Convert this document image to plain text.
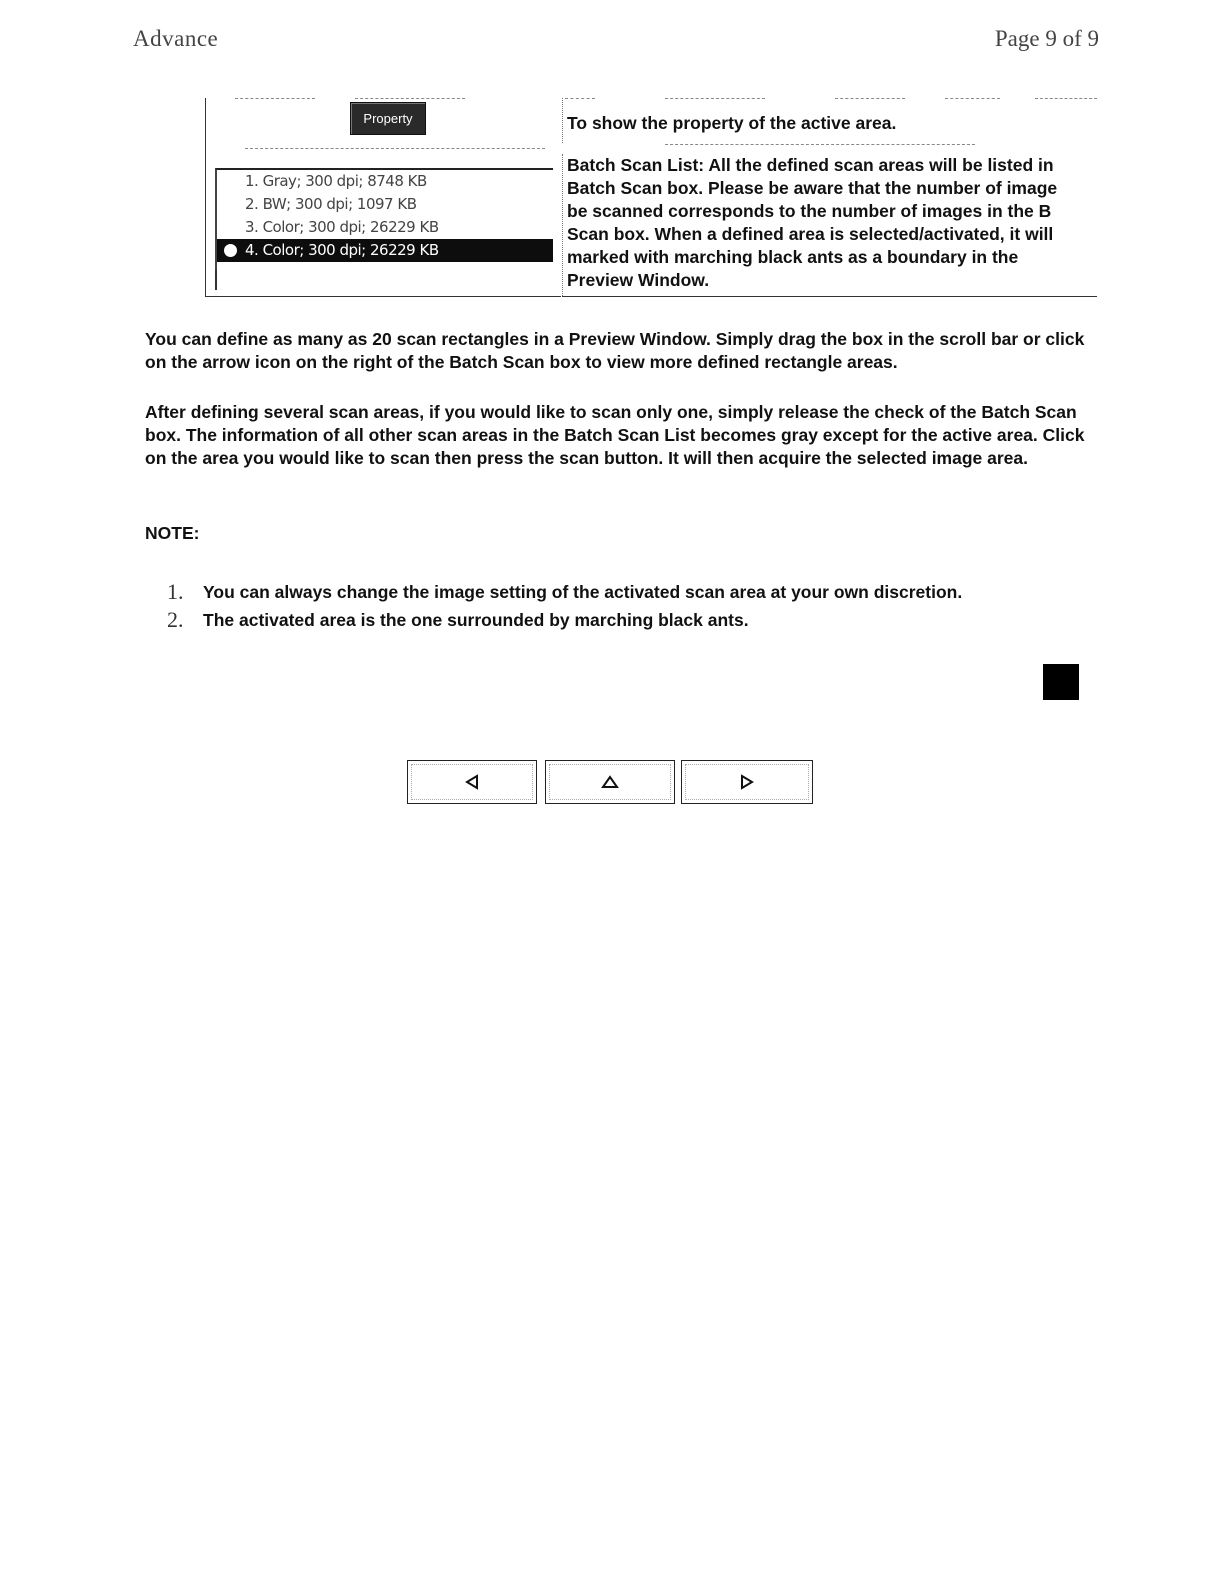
Advance	Page 9 of 9
Property	To show the property of the active area.
1. Gray; 300 dpi; 8748 KB
2. BW; 300 dpi; 1097 KB
3. Color; 300 dpi; 26229 KB
4. Color; 300 dpi; 26229 KB
Batch Scan List: All the defined scan areas will be listed in
Batch Scan box. Please be aware that the number of image
be scanned corresponds to the number of images in the B
Scan box. When a defined area is selected/activated, it will
marked with marching black ants as a boundary in the
Preview Window.
You can define as many as 20 scan rectangles in a Preview Window. Simply drag the box in the scroll bar or click on the arrow icon on the right of the Batch Scan box to view more defined rectangle areas.
After defining several scan areas, if you would like to scan only one, simply release the check of the Batch Scan box. The information of all other scan areas in the Batch Scan List becomes gray except for the active area. Click on the area you would like to scan then press the scan button. It will then acquire the selected image area.
NOTE:
1. You can always change the image setting of the activated scan area at your own discretion.
2. The activated area is the one surrounded by marching black ants.
